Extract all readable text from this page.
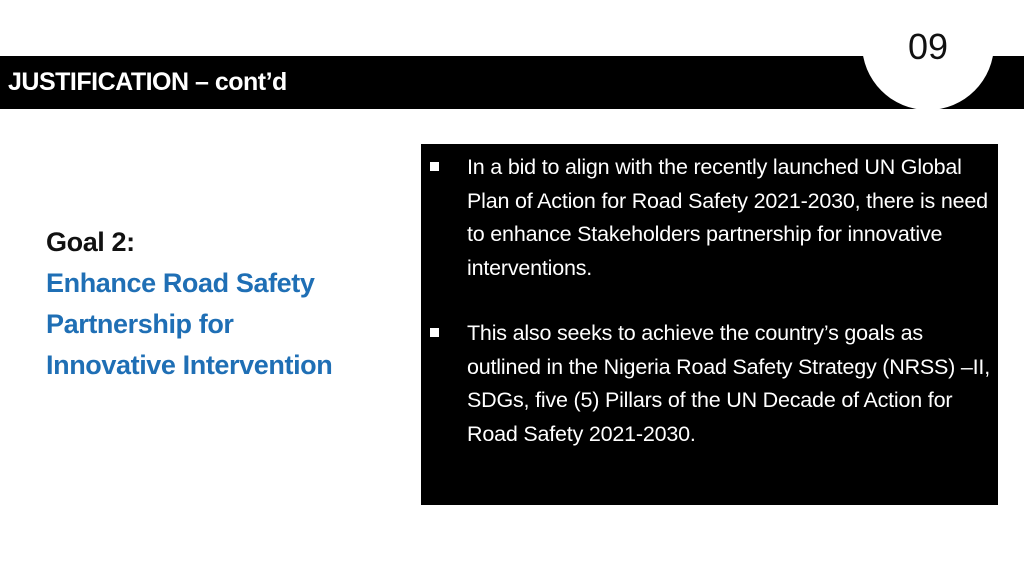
JUSTIFICATION – cont’d
09
Goal 2:
Enhance Road Safety
Partnership for
Innovative Intervention
In a bid to align with the recently launched UN Global Plan of Action for Road Safety 2021-2030, there is need to enhance Stakeholders partnership for innovative interventions.
This also seeks to achieve the country’s goals as outlined in the Nigeria Road Safety Strategy (NRSS) –II, SDGs, five (5) Pillars of the UN Decade of Action for Road Safety 2021-2030.
